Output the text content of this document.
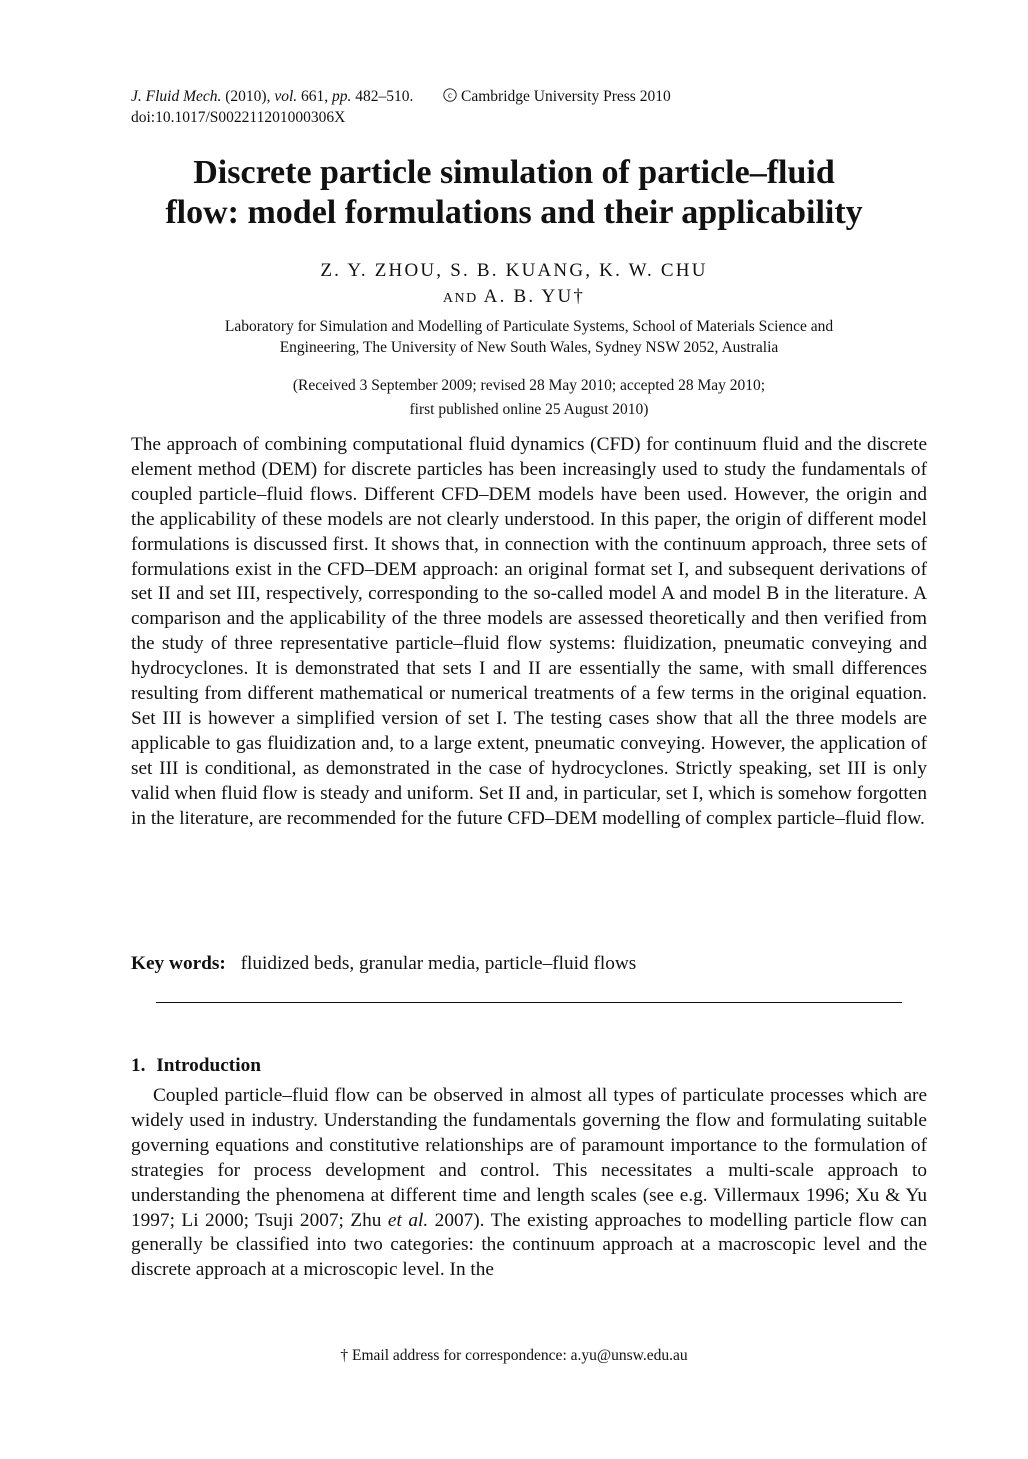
J. Fluid Mech. (2010), vol. 661, pp. 482–510.	c Cambridge University Press 2010
doi:10.1017/S002211201000306X
Discrete particle simulation of particle–fluid
flow: model formulations and their applicability
Z. Y. ZHOU, S. B. KUANG, K. W. CHU
AND A. B. YU†
Laboratory for Simulation and Modelling of Particulate Systems, School of Materials Science and
Engineering, The University of New South Wales, Sydney NSW 2052, Australia
(Received 3 September 2009; revised 28 May 2010; accepted 28 May 2010;
first published online 25 August 2010)

The approach of combining computational fluid dynamics (CFD) for continuum fluid and the discrete element method (DEM) for discrete particles has been increasingly used to study the fundamentals of coupled particle–fluid flows. Different CFD–DEM models have been used. However, the origin and the applicability of these models are not clearly understood. In this paper, the origin of different model formulations is discussed first. It shows that, in connection with the continuum approach, three sets of formulations exist in the CFD–DEM approach: an original format set I, and subsequent derivations of set II and set III, respectively, corresponding to the so-called model A and model B in the literature. A comparison and the applicability of the three models are assessed theoretically and then verified from the study of three representative particle–fluid flow systems: fluidization, pneumatic conveying and hydrocyclones. It is demonstrated that sets I and II are essentially the same, with small differences resulting from different mathematical or numerical treatments of a few terms in the original equation. Set III is however a simplified version of set I. The testing cases show that all the three models are applicable to gas fluidization and, to a large extent, pneumatic conveying. However, the application of set III is conditional, as demonstrated in the case of hydrocyclones. Strictly speaking, set III is only valid when fluid flow is steady and uniform. Set II and, in particular, set I, which is somehow forgotten in the literature, are recommended for the future CFD–DEM modelling of complex particle–fluid flow.

Key words: fluidized beds, granular media, particle–fluid flows
1. Introduction

Coupled particle–fluid flow can be observed in almost all types of particulate processes which are widely used in industry. Understanding the fundamentals governing the flow and formulating suitable governing equations and constitutive relationships are of paramount importance to the formulation of strategies for process development and control. This necessitates a multi-scale approach to understanding the phenomena at different time and length scales (see e.g. Villermaux 1996; Xu & Yu 1997; Li 2000; Tsuji 2007; Zhu et al. 2007). The existing approaches to modelling particle flow can generally be classified into two categories: the continuum approach at a macroscopic level and the discrete approach at a microscopic level. In the

† Email address for correspondence: a.yu@unsw.edu.au
